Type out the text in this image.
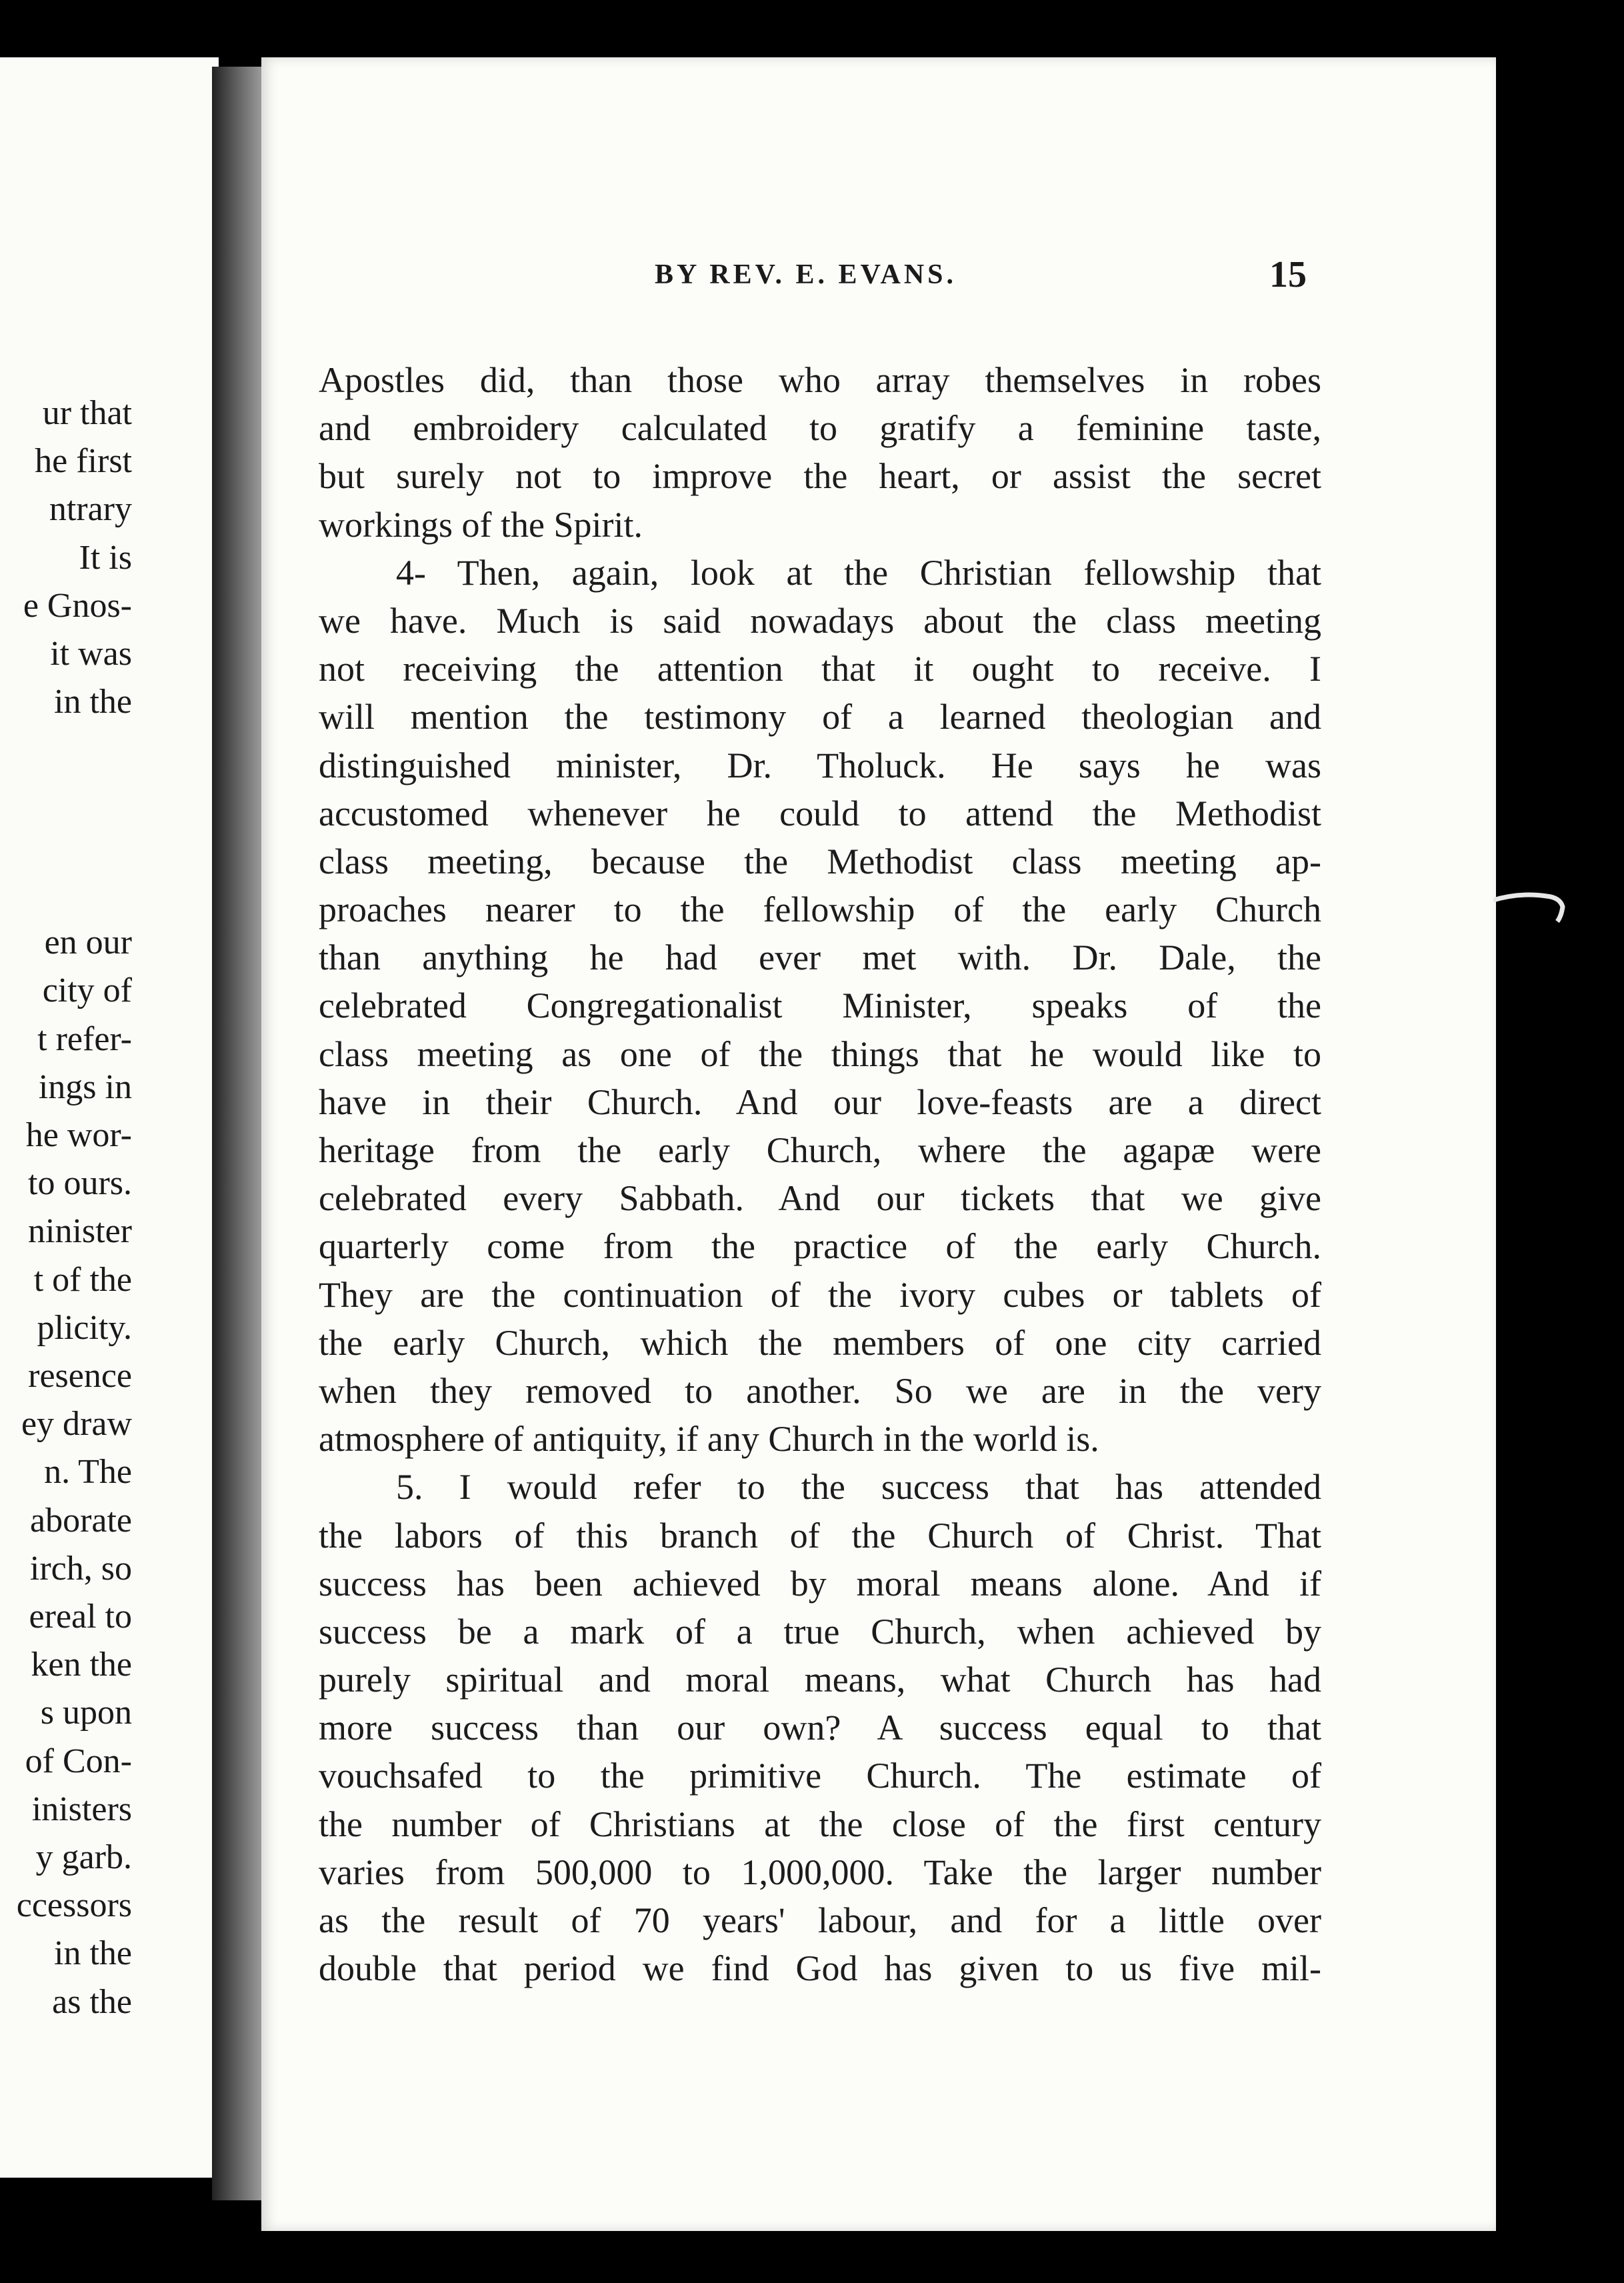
ur that
he first
ntrary
It is
e Gnos-
it was
in the
en our
city of
t refer-
ings in
he wor-
to ours.
ninister
t of the
plicity.
resence
ey draw
n. The
aborate
irch, so
ereal to
ken the
s upon
of Con-
inisters
y garb.
ccessors
in the
as the
BY REV. E. EVANS.	15
Apostles did, than those who array themselves in robes
and embroidery calculated to gratify a feminine taste,
but surely not to improve the heart, or assist the secret
workings of the Spirit.
4- Then, again, look at the Christian fellowship that
we have. Much is said nowadays about the class meeting
not receiving the attention that it ought to receive. I
will mention the testimony of a learned theologian and
distinguished minister, Dr. Tholuck. He says he was
accustomed whenever he could to attend the Methodist
class meeting, because the Methodist class meeting ap-
proaches nearer to the fellowship of the early Church
than anything he had ever met with. Dr. Dale, the
celebrated Congregationalist Minister, speaks of the
class meeting as one of the things that he would like to
have in their Church. And our love-feasts are a direct
heritage from the early Church, where the agapæ were
celebrated every Sabbath. And our tickets that we give
quarterly come from the practice of the early Church.
They are the continuation of the ivory cubes or tablets of
the early Church, which the members of one city carried
when they removed to another. So we are in the very
atmosphere of antiquity, if any Church in the world is.
5. I would refer to the success that has attended
the labors of this branch of the Church of Christ. That
success has been achieved by moral means alone. And if
success be a mark of a true Church, when achieved by
purely spiritual and moral means, what Church has had
more success than our own? A success equal to that
vouchsafed to the primitive Church. The estimate of
the number of Christians at the close of the first century
varies from 500,000 to 1,000,000. Take the larger number
as the result of 70 years' labour, and for a little over
double that period we find God has given to us five mil-
